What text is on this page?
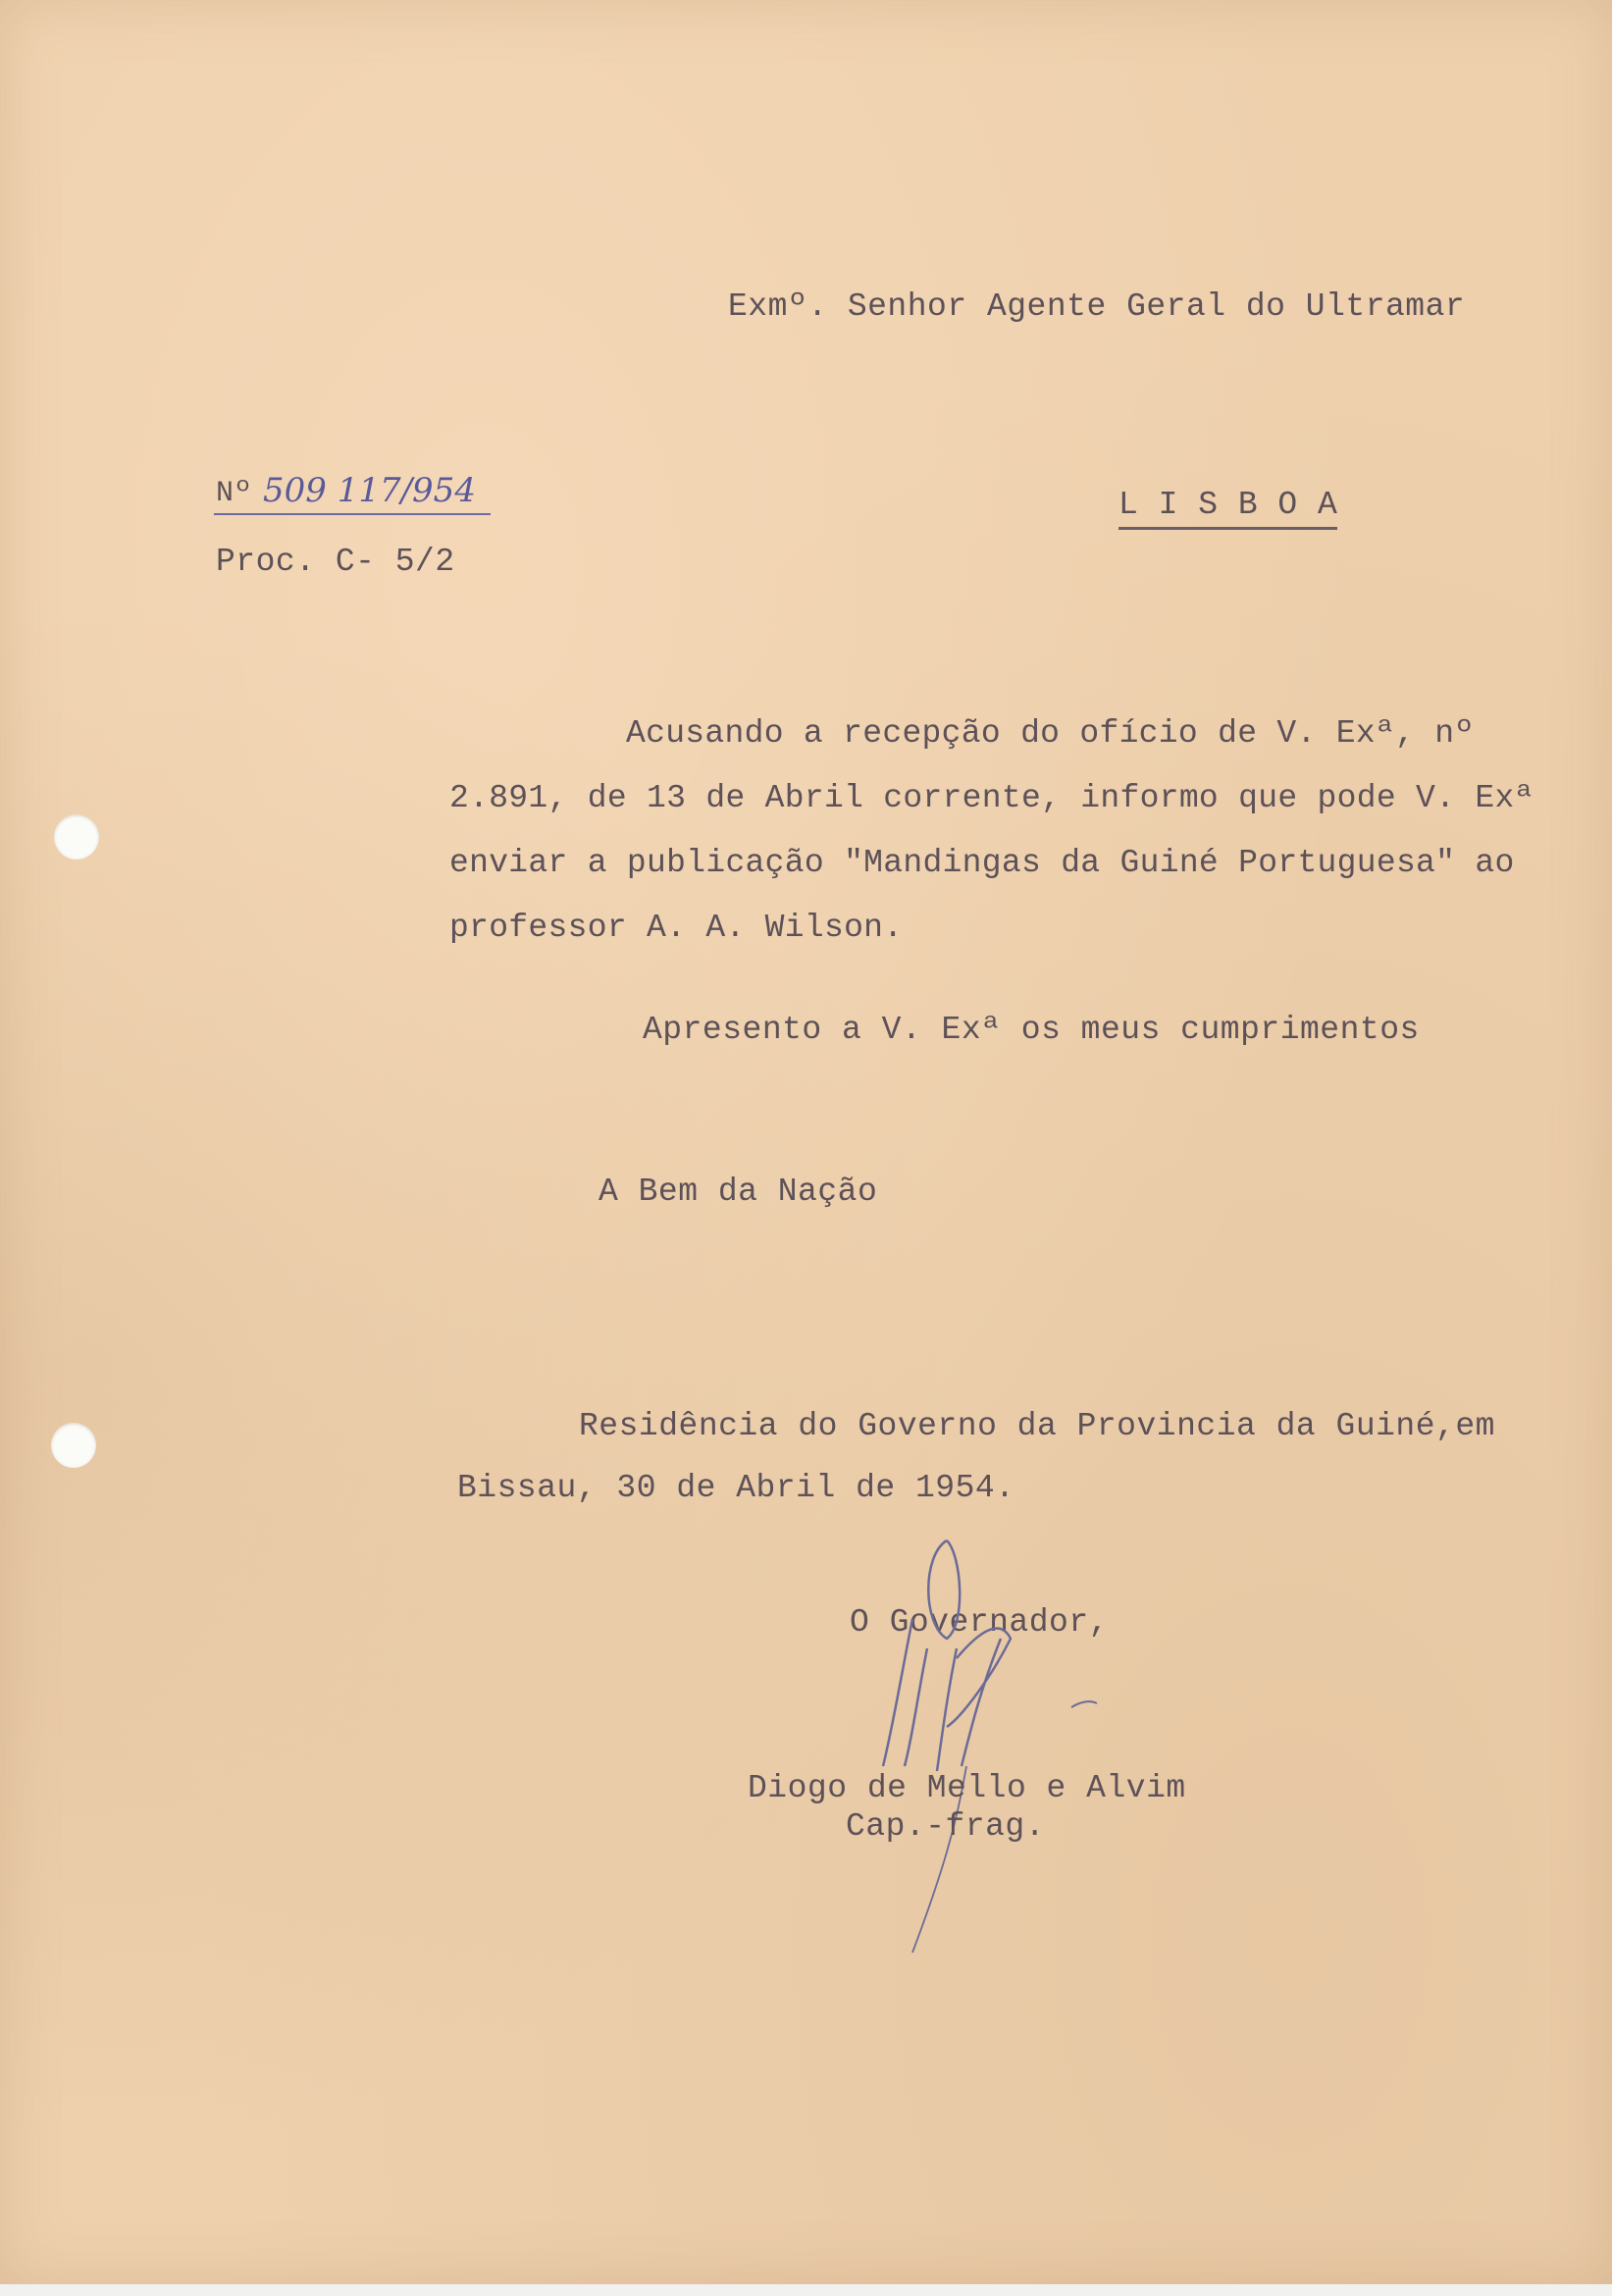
Exmº. Senhor Agente Geral do Ultramar
Nº 509 117/954
Proc. C- 5/2
L I S B O A
Acusando a recepção do ofício de V. Exª, nº
2.891, de 13 de Abril corrente, informo que pode V. Exª
enviar a publicação "Mandingas da Guiné Portuguesa" ao
professor A. A. Wilson.
Apresento a V. Exª os meus cumprimentos
A Bem da Nação
Residência do Governo da Provincia da Guiné,em
Bissau, 30 de Abril de 1954.
O Governador,
Diogo de Mello e Alvim
Cap.-frag.
